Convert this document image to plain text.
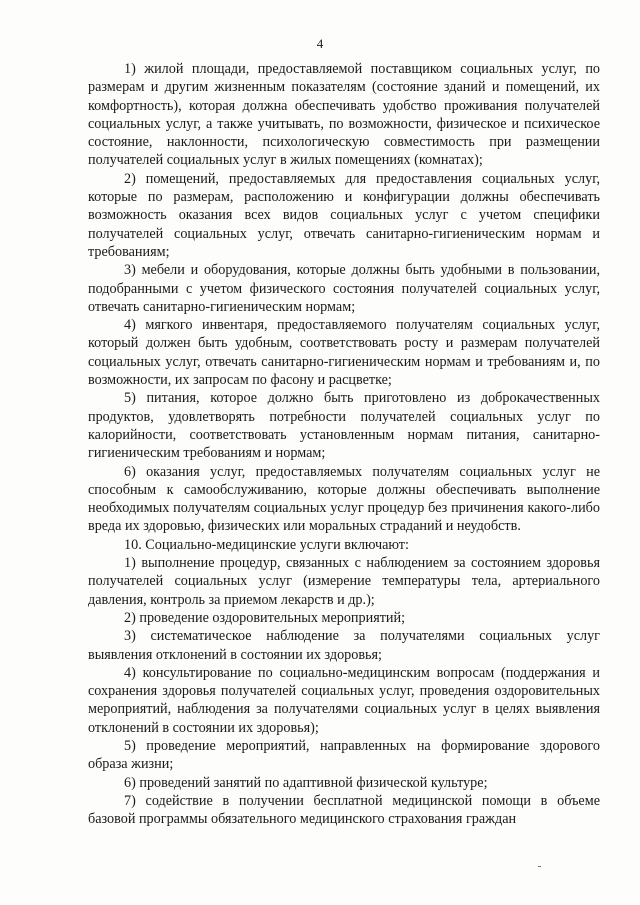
4

1) жилой площади, предоставляемой поставщиком социальных услуг, по размерам и другим жизненным показателям (состояние зданий и помещений, их комфортность), которая должна обеспечивать удобство проживания получателей социальных услуг, а также учитывать, по возможности, физическое и психическое состояние, наклонности, психологическую совместимость при размещении получателей социальных услуг в жилых помещениях (комнатах);

2) помещений, предоставляемых для предоставления социальных услуг, которые по размерам, расположению и конфигурации должны обеспечивать возможность оказания всех видов социальных услуг с учетом специфики получателей социальных услуг, отвечать санитарно-гигиеническим нормам и требованиям;

3) мебели и оборудования, которые должны быть удобными в пользовании, подобранными с учетом физического состояния получателей социальных услуг, отвечать санитарно-гигиеническим нормам;

4) мягкого инвентаря, предоставляемого получателям социальных услуг, который должен быть удобным, соответствовать росту и размерам получателей социальных услуг, отвечать санитарно-гигиеническим нормам и требованиям и, по возможности, их запросам по фасону и расцветке;

5) питания, которое должно быть приготовлено из доброкачественных продуктов, удовлетворять потребности получателей социальных услуг по калорийности, соответствовать установленным нормам питания, санитарно-гигиеническим требованиям и нормам;

6) оказания услуг, предоставляемых получателям социальных услуг не способным к самообслуживанию, которые должны обеспечивать выполнение необходимых получателям социальных услуг процедур без причинения какого-либо вреда их здоровью, физических или моральных страданий и неудобств.

10. Социально-медицинские услуги включают:

1) выполнение процедур, связанных с наблюдением за состоянием здоровья получателей социальных услуг (измерение температуры тела, артериального давления, контроль за приемом лекарств и др.);

2) проведение оздоровительных мероприятий;

3) систематическое наблюдение за получателями социальных услуг выявления отклонений в состоянии их здоровья;

4) консультирование по социально-медицинским вопросам (поддержания и сохранения здоровья получателей социальных услуг, проведения оздоровительных мероприятий, наблюдения за получателями социальных услуг в целях выявления отклонений в состоянии их здоровья);

5) проведение мероприятий, направленных на формирование здорового образа жизни;

6) проведений занятий по адаптивной физической культуре;

7) содействие в получении бесплатной медицинской помощи в объеме базовой программы обязательного медицинского страхования граждан
